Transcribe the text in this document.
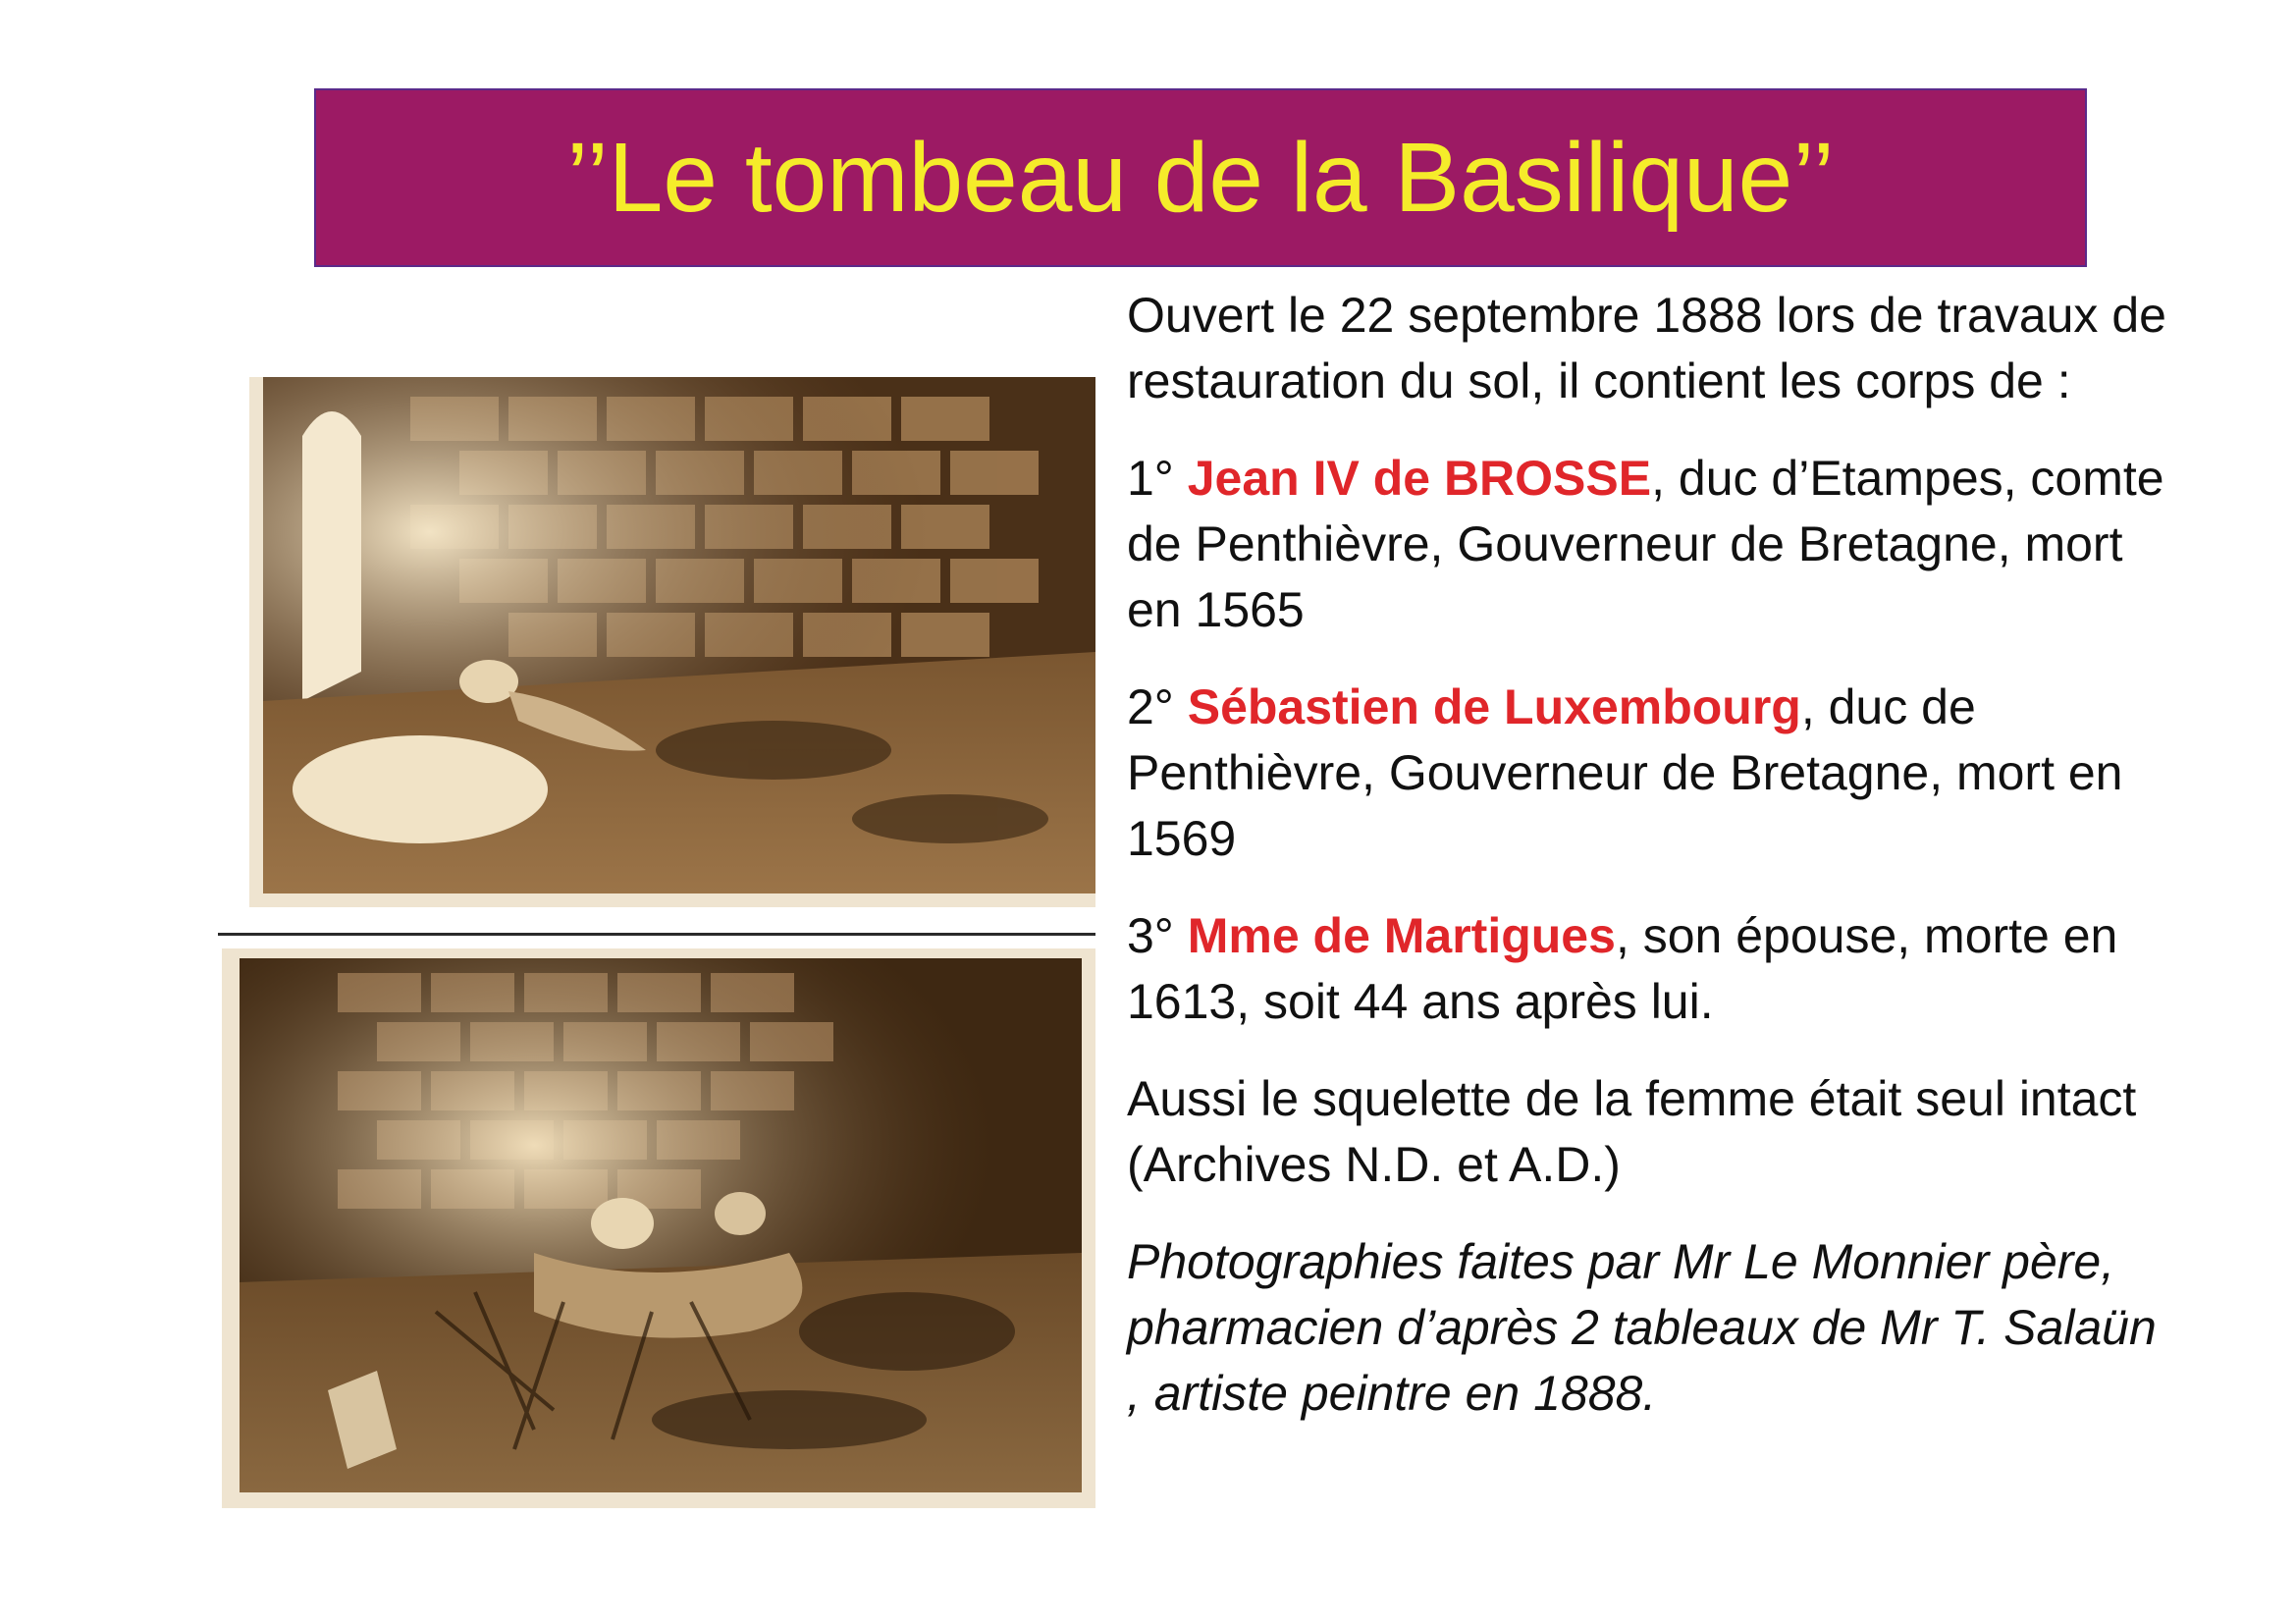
’’Le tombeau de la Basilique’’

Ouvert le 22 septembre 1888 lors de travaux de restauration du sol, il contient les corps de :

1° Jean IV de BROSSE, duc d’Etampes, comte de Penthièvre, Gouverneur de Bretagne, mort en 1565

2° Sébastien de Luxembourg, duc de Penthièvre, Gouverneur de Bretagne, mort en 1569

3° Mme de Martigues, son épouse, morte en 1613, soit 44 ans après lui.

Aussi le squelette de la femme était seul intact (Archives N.D. et A.D.)

Photographies faites par Mr Le Monnier père, pharmacien d’après 2 tableaux de Mr T. Salaün , artiste peintre en 1888.
